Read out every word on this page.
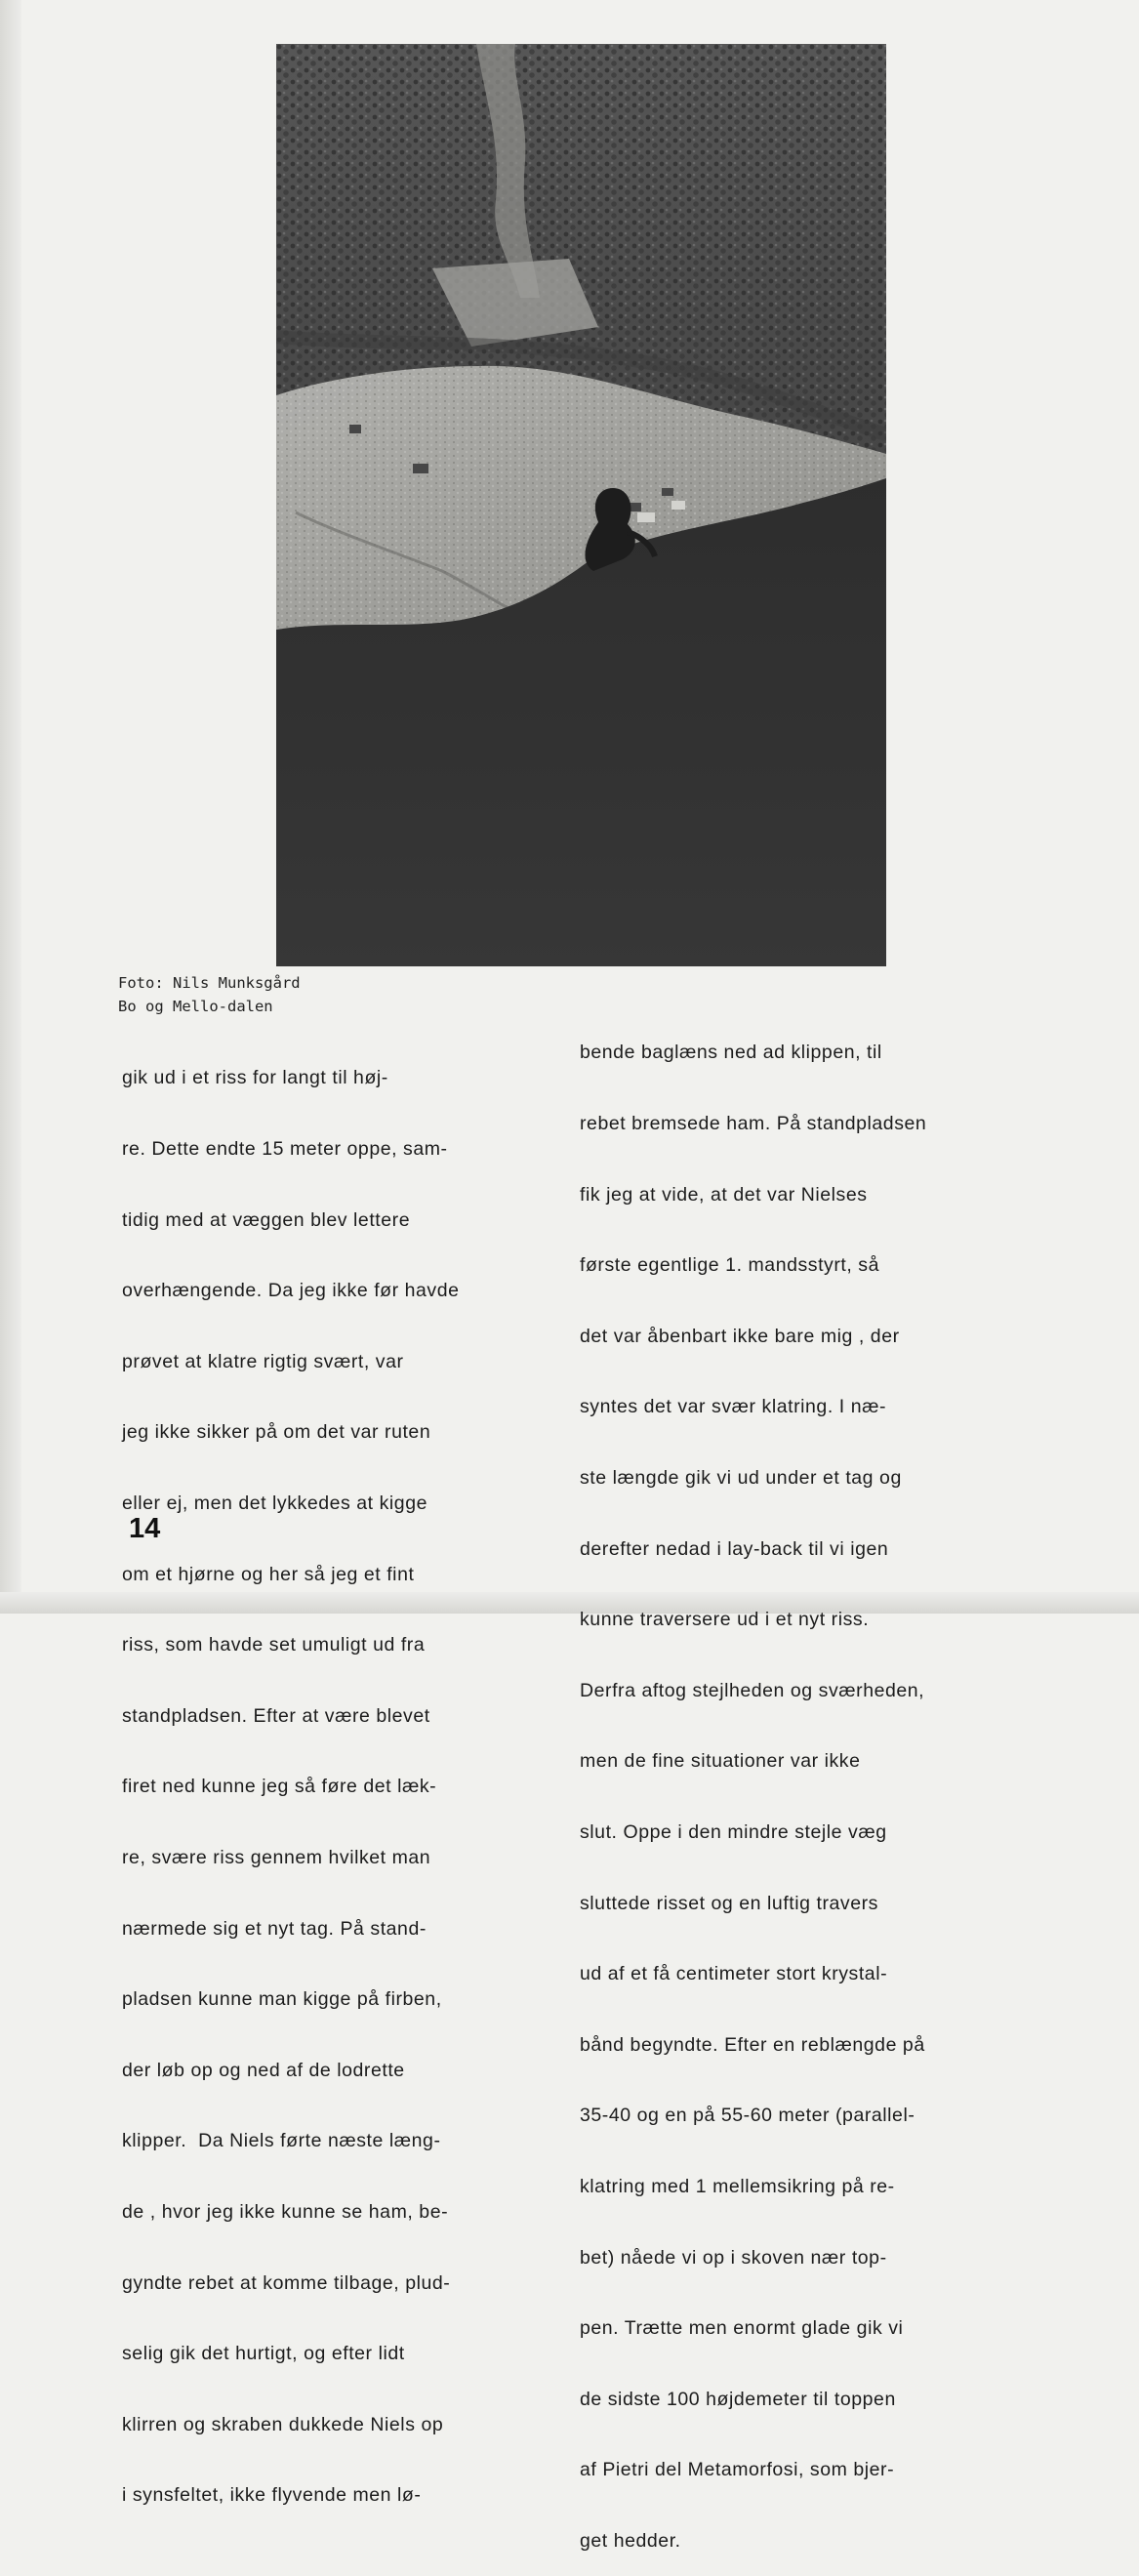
Foto: Nils Munksgård
Bo og Mello-dalen

gik ud i et riss for langt til høj-

re. Dette endte 15 meter oppe, sam-

tidig med at væggen blev lettere

overhængende. Da jeg ikke før havde

prøvet at klatre rigtig svært, var

jeg ikke sikker på om det var ruten

eller ej, men det lykkedes at kigge

om et hjørne og her så jeg et fint

riss, som havde set umuligt ud fra

standpladsen. Efter at være blevet

firet ned kunne jeg så føre det læk-

re, svære riss gennem hvilket man

nærmede sig et nyt tag. På stand-

pladsen kunne man kigge på firben,

der løb op og ned af de lodrette

klipper.  Da Niels førte næste læng-

de , hvor jeg ikke kunne se ham, be-

gyndte rebet at komme tilbage, plud-

selig gik det hurtigt, og efter lidt

klirren og skraben dukkede Niels op

i synsfeltet, ikke flyvende men lø-

bende baglæns ned ad klippen, til

rebet bremsede ham. På standpladsen

fik jeg at vide, at det var Nielses

første egentlige 1. mandsstyrt, så

det var åbenbart ikke bare mig , der

syntes det var svær klatring. I næ-

ste længde gik vi ud under et tag og

derefter nedad i lay-back til vi igen

kunne traversere ud i et nyt riss.

Derfra aftog stejlheden og sværheden,

men de fine situationer var ikke

slut. Oppe i den mindre stejle væg

sluttede risset og en luftig travers

ud af et få centimeter stort krystal-

bånd begyndte. Efter en reblængde på

35-40 og en på 55-60 meter (parallel-

klatring med 1 mellemsikring på re-

bet) nåede vi op i skoven nær top-

pen. Trætte men enormt glade gik vi

de sidste 100 højdemeter til toppen

af Pietri del Metamorfosi, som bjer-

get hedder.

14
